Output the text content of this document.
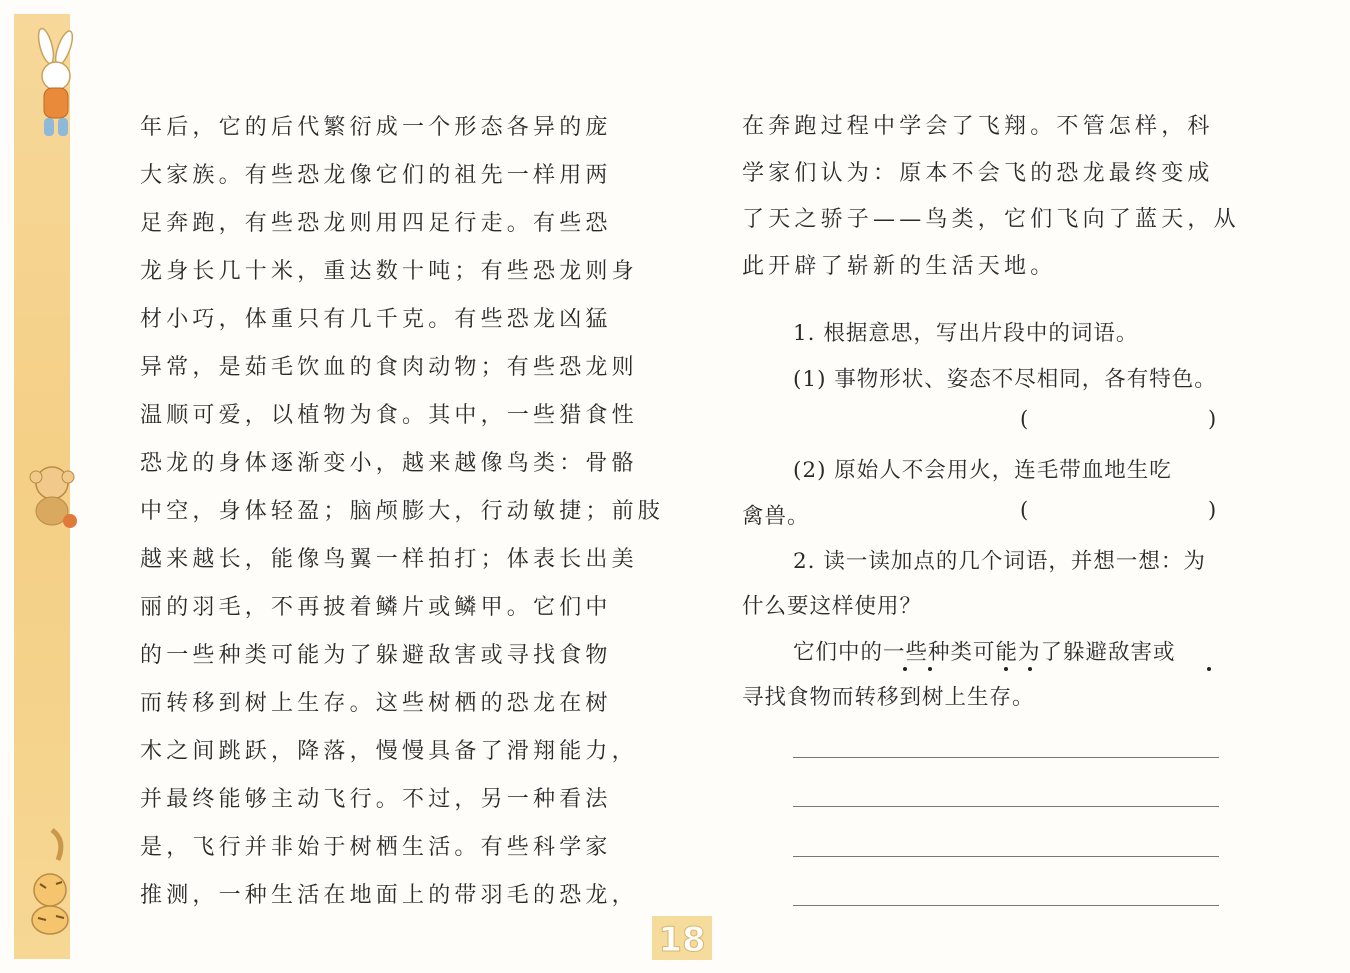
年后，它的后代繁衍成一个形态各异的庞

大家族。有些恐龙像它们的祖先一样用两

足奔跑，有些恐龙则用四足行走。有些恐

龙身长几十米，重达数十吨；有些恐龙则身

材小巧，体重只有几千克。有些恐龙凶猛

异常，是茹毛饮血的食肉动物；有些恐龙则

温顺可爱，以植物为食。其中，一些猎食性

恐龙的身体逐渐变小，越来越像鸟类：骨骼

中空，身体轻盈；脑颅膨大，行动敏捷；前肢

越来越长，能像鸟翼一样拍打；体表长出美

丽的羽毛，不再披着鳞片或鳞甲。它们中

的一些种类可能为了躲避敌害或寻找食物

而转移到树上生存。这些树栖的恐龙在树

木之间跳跃，降落，慢慢具备了滑翔能力，

并最终能够主动飞行。不过，另一种看法

是，飞行并非始于树栖生活。有些科学家

推测，一种生活在地面上的带羽毛的恐龙，

在奔跑过程中学会了飞翔。不管怎样，科

学家们认为：原本不会飞的恐龙最终变成

了天之骄子——鸟类，它们飞向了蓝天，从

此开辟了崭新的生活天地。

1. 根据意思，写出片段中的词语。

(1) 事物形状、姿态不尽相同，各有特色。

(	)

(2) 原始人不会用火，连毛带血地生吃

禽兽。	(	)

2. 读一读加点的几个词语，并想一想：为

什么要这样使用？

它们中的一些种类可能为了躲避敌害或

寻找食物而转移到树上生存。

18
